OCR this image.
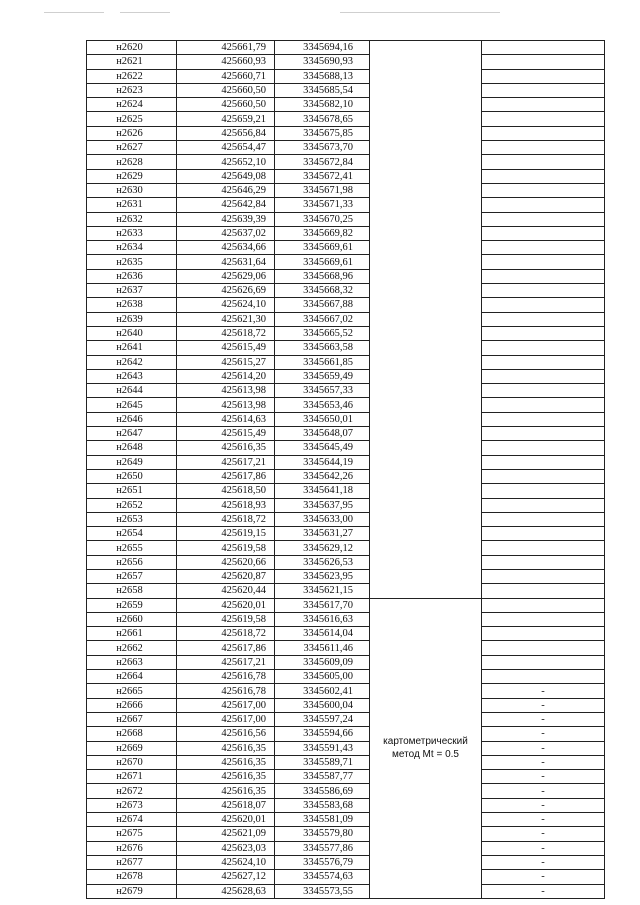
н2620	425661,79	3345694,16		
н2621	425660,93	3345690,93		
н2622	425660,71	3345688,13		
н2623	425660,50	3345685,54		
н2624	425660,50	3345682,10		
н2625	425659,21	3345678,65		
н2626	425656,84	3345675,85		
н2627	425654,47	3345673,70		
н2628	425652,10	3345672,84		
н2629	425649,08	3345672,41		
н2630	425646,29	3345671,98		
н2631	425642,84	3345671,33		
н2632	425639,39	3345670,25		
н2633	425637,02	3345669,82		
н2634	425634,66	3345669,61		
н2635	425631,64	3345669,61		
н2636	425629,06	3345668,96		
н2637	425626,69	3345668,32		
н2638	425624,10	3345667,88		
н2639	425621,30	3345667,02		
н2640	425618,72	3345665,52		
н2641	425615,49	3345663,58		
н2642	425615,27	3345661,85		
н2643	425614,20	3345659,49		
н2644	425613,98	3345657,33		
н2645	425613,98	3345653,46		
н2646	425614,63	3345650,01		
н2647	425615,49	3345648,07		
н2648	425616,35	3345645,49		
н2649	425617,21	3345644,19		
н2650	425617,86	3345642,26		
н2651	425618,50	3345641,18		
н2652	425618,93	3345637,95		
н2653	425618,72	3345633,00		
н2654	425619,15	3345631,27		
н2655	425619,58	3345629,12		
н2656	425620,66	3345626,53		
н2657	425620,87	3345623,95		
н2658	425620,44	3345621,15		
н2659	425620,01	3345617,70	картометрический метод Mt = 0.5	
н2660	425619,58	3345616,63		
н2661	425618,72	3345614,04		
н2662	425617,86	3345611,46		
н2663	425617,21	3345609,09		
н2664	425616,78	3345605,00		
н2665	425616,78	3345602,41		-
н2666	425617,00	3345600,04		-
н2667	425617,00	3345597,24		-
н2668	425616,56	3345594,66		-
н2669	425616,35	3345591,43		-
н2670	425616,35	3345589,71		-
н2671	425616,35	3345587,77		-
н2672	425616,35	3345586,69		-
н2673	425618,07	3345583,68		-
н2674	425620,01	3345581,09		-
н2675	425621,09	3345579,80		-
н2676	425623,03	3345577,86		-
н2677	425624,10	3345576,79		-
н2678	425627,12	3345574,63		-
н2679	425628,63	3345573,55		-
